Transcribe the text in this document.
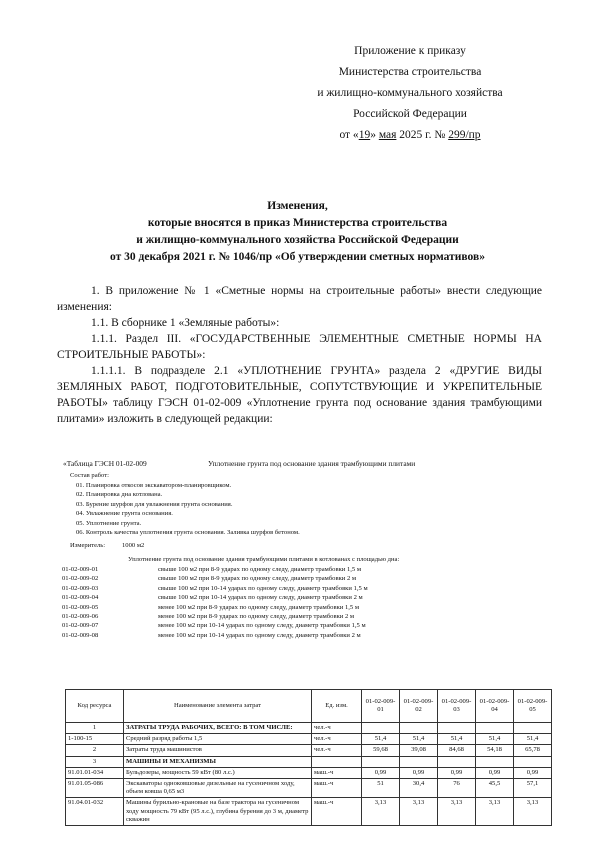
Приложение к приказу
Министерства строительства
и жилищно-коммунального хозяйства
Российской Федерации
от «19» мая 2025 г. № 299/пр
Изменения,
которые вносятся в приказ Министерства строительства
и жилищно-коммунального хозяйства Российской Федерации
от 30 декабря 2021 г. № 1046/пр «Об утверждении сметных нормативов»
1. В приложение № 1 «Сметные нормы на строительные работы» внести следующие изменения:
1.1. В сборнике 1 «Земляные работы»:
1.1.1. Раздел III. «ГОСУДАРСТВЕННЫЕ ЭЛЕМЕНТНЫЕ СМЕТНЫЕ НОРМЫ НА СТРОИТЕЛЬНЫЕ РАБОТЫ»:
1.1.1.1. В подразделе 2.1 «УПЛОТНЕНИЕ ГРУНТА» раздела 2 «ДРУГИЕ ВИДЫ ЗЕМЛЯНЫХ РАБОТ, ПОДГОТОВИТЕЛЬНЫЕ, СОПУТСТВУЮЩИЕ И УКРЕПИТЕЛЬНЫЕ РАБОТЫ» таблицу ГЭСН 01-02-009 «Уплотнение грунта под основание здания трамбующими плитами» изложить в следующей редакции:
«Таблица ГЭСН 01-02-009	Уплотнение грунта под основание здания трамбующими плитами
Состав работ:
01. Планировка откосов экскаватором-планировщиком.
02. Планировка дна котлована.
03. Бурение шурфов для увлажнения грунта основания.
04. Увлажнение грунта основания.
05. Уплотнение грунта.
06. Контроль качества уплотнения грунта основания. Заливка шурфов бетоном.
Измеритель:	1000 м2
Уплотнение грунта под основание здания трамбующими плитами в котлованах с площадью дна:
01-02-009-01	свыше 100 м2 при 8-9 ударах по одному следу, диаметр трамбовки 1,5 м
01-02-009-02	свыше 100 м2 при 8-9 ударах по одному следу, диаметр трамбовки 2 м
01-02-009-03	свыше 100 м2 при 10-14 ударах по одному следу, диаметр трамбовки 1,5 м
01-02-009-04	свыше 100 м2 при 10-14 ударах по одному следу, диаметр трамбовки 2 м
01-02-009-05	менее 100 м2 при 8-9 ударах по одному следу, диаметр трамбовки 1,5 м
01-02-009-06	менее 100 м2 при 8-9 ударах по одному следу, диаметр трамбовки 2 м
01-02-009-07	менее 100 м2 при 10-14 ударах по одному следу, диаметр трамбовки 1,5 м
01-02-009-08	менее 100 м2 при 10-14 ударах по одному следу, диаметр трамбовки 2 м
Код ресурса	Наименование элемента затрат	Ед. изм.	01-02-009-01	01-02-009-02	01-02-009-03	01-02-009-04	01-02-009-05
1	ЗАТРАТЫ ТРУДА РАБОЧИХ, ВСЕГО: В ТОМ ЧИСЛЕ:	чел.-ч					
1-100-15	Средний разряд работы 1,5	чел.-ч	51,4	51,4	51,4	51,4	51,4
2	Затраты труда машинистов	чел.-ч	59,68	39,08	84,68	54,18	65,78
3	МАШИНЫ И МЕХАНИЗМЫ						
91.01.01-034	Бульдозеры, мощность 59 кВт (80 л.с.)	маш.-ч	0,99	0,99	0,99	0,99	0,99
91.01.05-086	Экскаваторы одноковшовые дизельные на гусеничном ходу, объем ковша 0,65 м3	маш.-ч	51	30,4	76	45,5	57,1
91.04.01-032	Машины бурильно-крановые на базе трактора на гусеничном ходу мощность 79 кВт (95 л.с.), глубина бурения до 3 м, диаметр скважин	маш.-ч	3,13	3,13	3,13	3,13	3,13
